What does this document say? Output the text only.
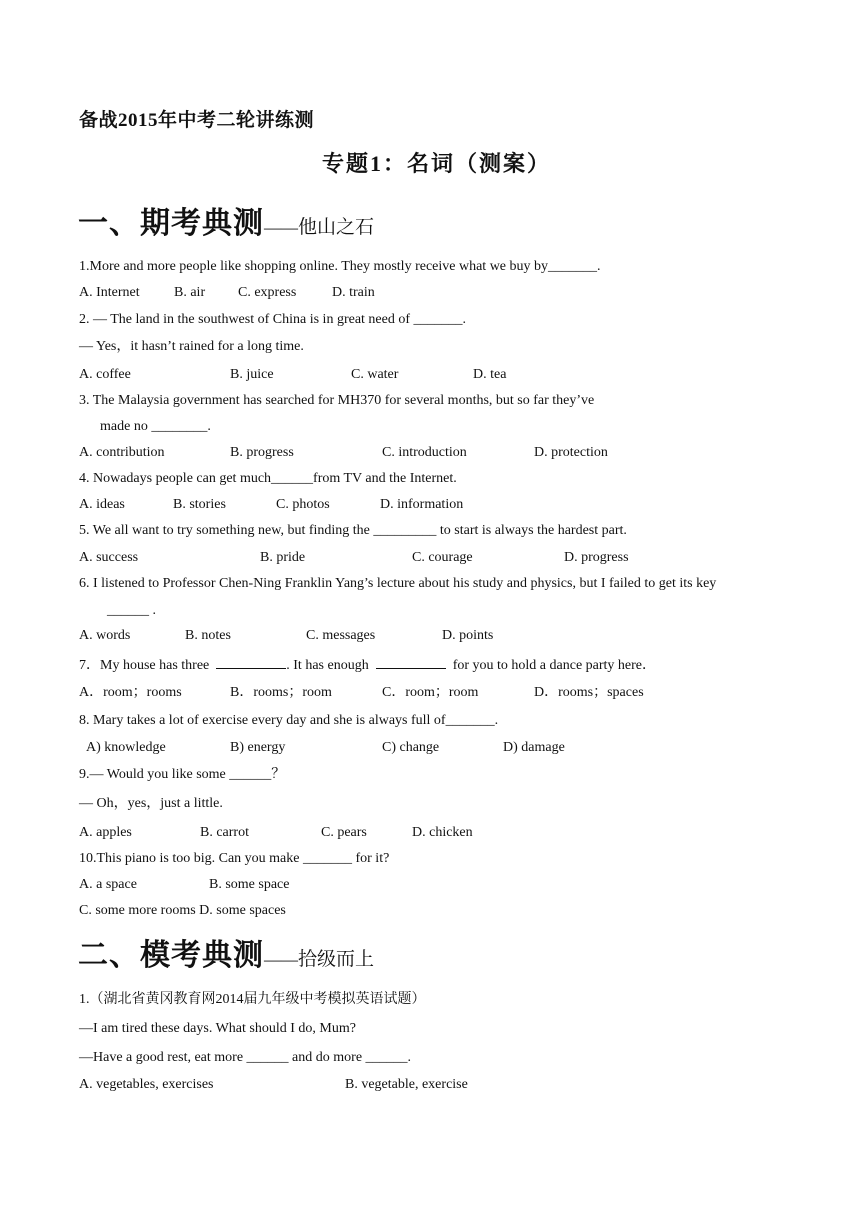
备战2015年中考二轮讲练测
专题1：名词（测案）
一、期考典测——他山之石
1.More and more people like shopping online. They mostly receive what we buy by_______.
A. Internet B. air C. express	D. train
2. — The land in the southwest of China is in great need of _______.
— Yes，it hasn’t rained for a long time.
A. coffee	B. juice	C. water	D. tea
3. The Malaysia government has searched for MH370 for several months, but so far they’ve
made no ________.
A. contribution	B. progress	C. introduction	D. protection
4. Nowadays people can get much______from TV and the Internet.
A. ideas	B. stories	C. photos	D. information
5. We all want to try something new, but finding the _________ to start is always the hardest part.
A. success	B. pride	C. courage	D. progress
6. I listened to Professor Chen-Ning Franklin Yang’s lecture about his study and physics, but I failed to get its key
______ .
A. words	B. notes	C. messages	D. points
7．My house has three	. It has enough	for you to hold a dance party here．
A．room；rooms	B．rooms；room	C．room；room	D．rooms；spaces
8. Mary takes a lot of exercise every day and she is always full of_______.
A) knowledge	B) energy	C) change	D) damage
9.— Would you like some ______？
— Oh，yes，just a little.
A. apples	B. carrot	C. pears	D. chicken
10.This piano is too big. Can you make _______ for it?
A. a space	B. some space
C. some more rooms D. some spaces
二、模考典测——拾级而上
1.（湖北省黄冈教育网2014届九年级中考模拟英语试题）
—I am tired these days. What should I do, Mum?
—Have a good rest, eat more ______ and do more ______.
A. vegetables, exercises	B. vegetable, exercise
